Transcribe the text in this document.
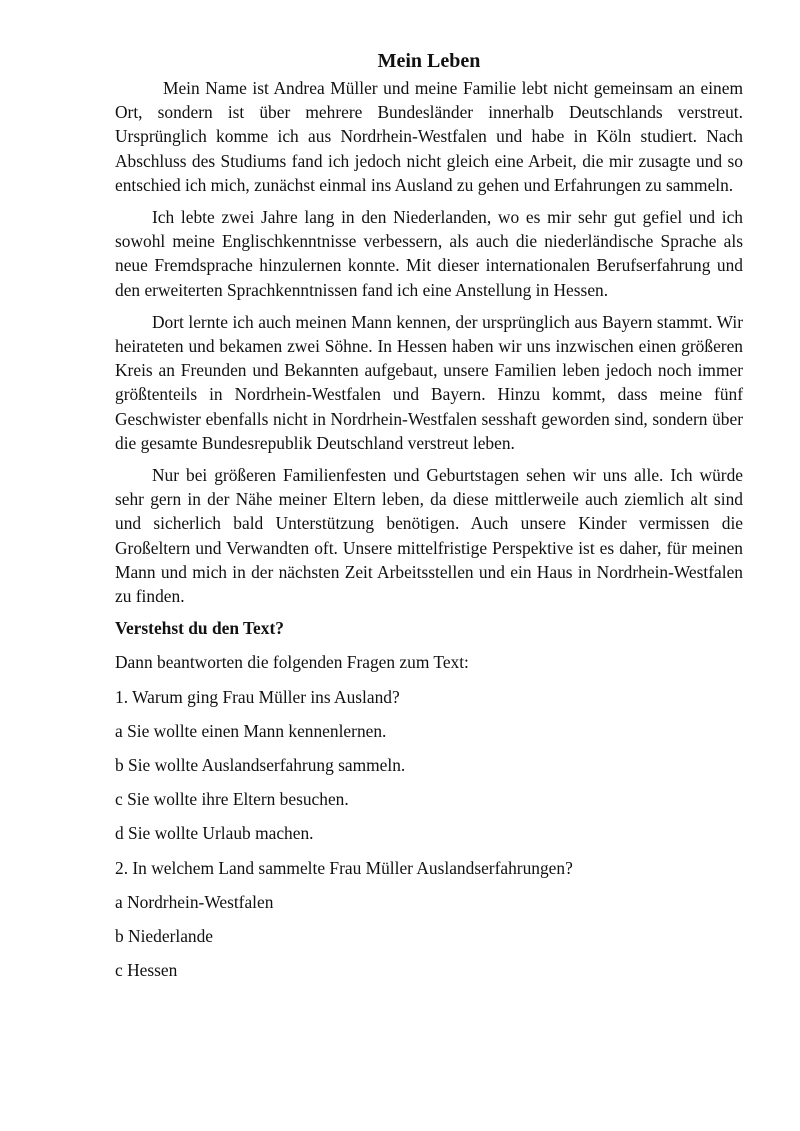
Mein Leben

Mein Name ist Andrea Müller und meine Familie lebt nicht gemeinsam an einem Ort, sondern ist über mehrere Bundesländer innerhalb Deutschlands verstreut. Ursprünglich komme ich aus Nordrhein-Westfalen und habe in Köln studiert. Nach Abschluss des Studiums fand ich jedoch nicht gleich eine Arbeit, die mir zusagte und so entschied ich mich, zunächst einmal ins Ausland zu gehen und Erfahrungen zu sammeln.

Ich lebte zwei Jahre lang in den Niederlanden, wo es mir sehr gut gefiel und ich sowohl meine Englischkenntnisse verbessern, als auch die niederländische Sprache als neue Fremdsprache hinzulernen konnte. Mit dieser internationalen Berufserfahrung und den erweiterten Sprachkenntnissen fand ich eine Anstellung in Hessen.

Dort lernte ich auch meinen Mann kennen, der ursprünglich aus Bayern stammt. Wir heirateten und bekamen zwei Söhne. In Hessen haben wir uns inzwischen einen größeren Kreis an Freunden und Bekannten aufgebaut, unsere Familien leben jedoch noch immer größtenteils in Nordrhein-Westfalen und Bayern. Hinzu kommt, dass meine fünf Geschwister ebenfalls nicht in Nordrhein-Westfalen sesshaft geworden sind, sondern über die gesamte Bundesrepublik Deutschland verstreut leben.

Nur bei größeren Familienfesten und Geburtstagen sehen wir uns alle. Ich würde sehr gern in der Nähe meiner Eltern leben, da diese mittlerweile auch ziemlich alt sind und sicherlich bald Unterstützung benötigen. Auch unsere Kinder vermissen die Großeltern und Verwandten oft. Unsere mittelfristige Perspektive ist es daher, für meinen Mann und mich in der nächsten Zeit Arbeitsstellen und ein Haus in Nordrhein-Westfalen zu finden.

Verstehst du den Text?
Dann beantworten die folgenden Fragen zum Text:
1. Warum ging Frau Müller ins Ausland?
a Sie wollte einen Mann kennenlernen.
b Sie wollte Auslandserfahrung sammeln.
c Sie wollte ihre Eltern besuchen.
d Sie wollte Urlaub machen.
2. In welchem Land sammelte Frau Müller Auslandserfahrungen?
a Nordrhein-Westfalen
b Niederlande
c Hessen
